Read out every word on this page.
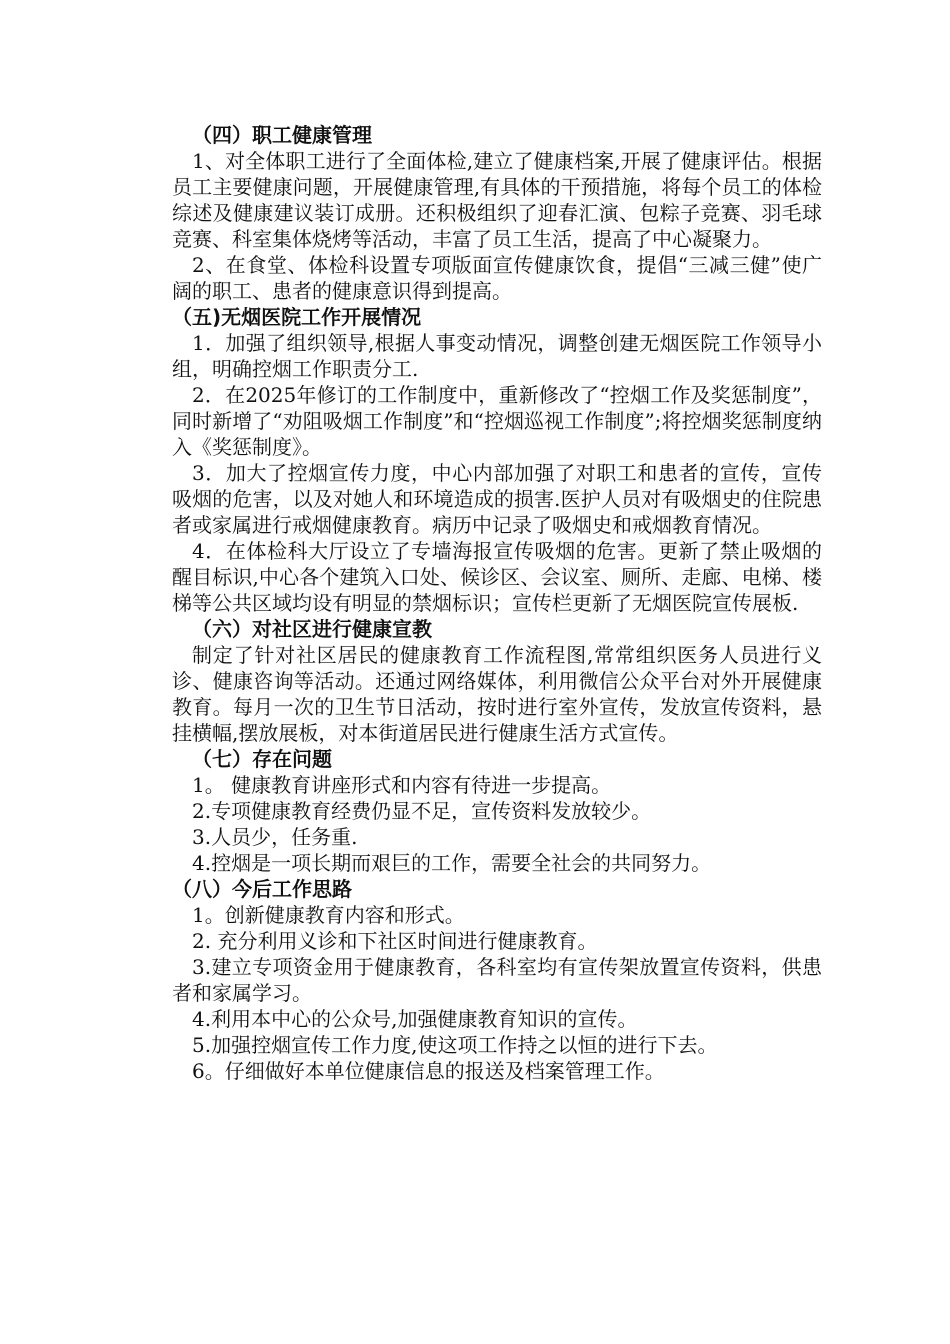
（四）职工健康管理

1、对全体职工进行了全面体检,建立了健康档案,开展了健康评估。根据员工主要健康问题，开展健康管理,有具体的干预措施，将每个员工的体检综述及健康建议装订成册。还积极组织了迎春汇演、包粽子竞赛、羽毛球竞赛、科室集体烧烤等活动，丰富了员工生活，提高了中心凝聚力。

2、在食堂、体检科设置专项版面宣传健康饮食，提倡“三减三健”使广阔的职工、患者的健康意识得到提高。

（五)无烟医院工作开展情况

1．加强了组织领导,根据人事变动情况，调整创建无烟医院工作领导小组，明确控烟工作职责分工.

2．在2025年修订的工作制度中，重新修改了“控烟工作及奖惩制度”，同时新增了“劝阻吸烟工作制度”和“控烟巡视工作制度”;将控烟奖惩制度纳入《奖惩制度》。

3．加大了控烟宣传力度，中心内部加强了对职工和患者的宣传，宣传吸烟的危害，以及对她人和环境造成的损害.医护人员对有吸烟史的住院患者或家属进行戒烟健康教育。病历中记录了吸烟史和戒烟教育情况。

4．在体检科大厅设立了专墙海报宣传吸烟的危害。更新了禁止吸烟的醒目标识,中心各个建筑入口处、候诊区、会议室、厕所、走廊、电梯、楼梯等公共区域均设有明显的禁烟标识；宣传栏更新了无烟医院宣传展板.

（六）对社区进行健康宣教

制定了针对社区居民的健康教育工作流程图,常常组织医务人员进行义诊、健康咨询等活动。还通过网络媒体，利用微信公众平台对外开展健康教育。每月一次的卫生节日活动，按时进行室外宣传，发放宣传资料，悬挂横幅,摆放展板，对本街道居民进行健康生活方式宣传。

（七）存在问题

1。 健康教育讲座形式和内容有待进一步提高。

2.专项健康教育经费仍显不足，宣传资料发放较少。

3.人员少，任务重.

4.控烟是一项长期而艰巨的工作，需要全社会的共同努力。

（八）今后工作思路

1。创新健康教育内容和形式。

2. 充分利用义诊和下社区时间进行健康教育。

3.建立专项资金用于健康教育，各科室均有宣传架放置宣传资料，供患者和家属学习。

4.利用本中心的公众号,加强健康教育知识的宣传。

5.加强控烟宣传工作力度,使这项工作持之以恒的进行下去。

6。仔细做好本单位健康信息的报送及档案管理工作。
